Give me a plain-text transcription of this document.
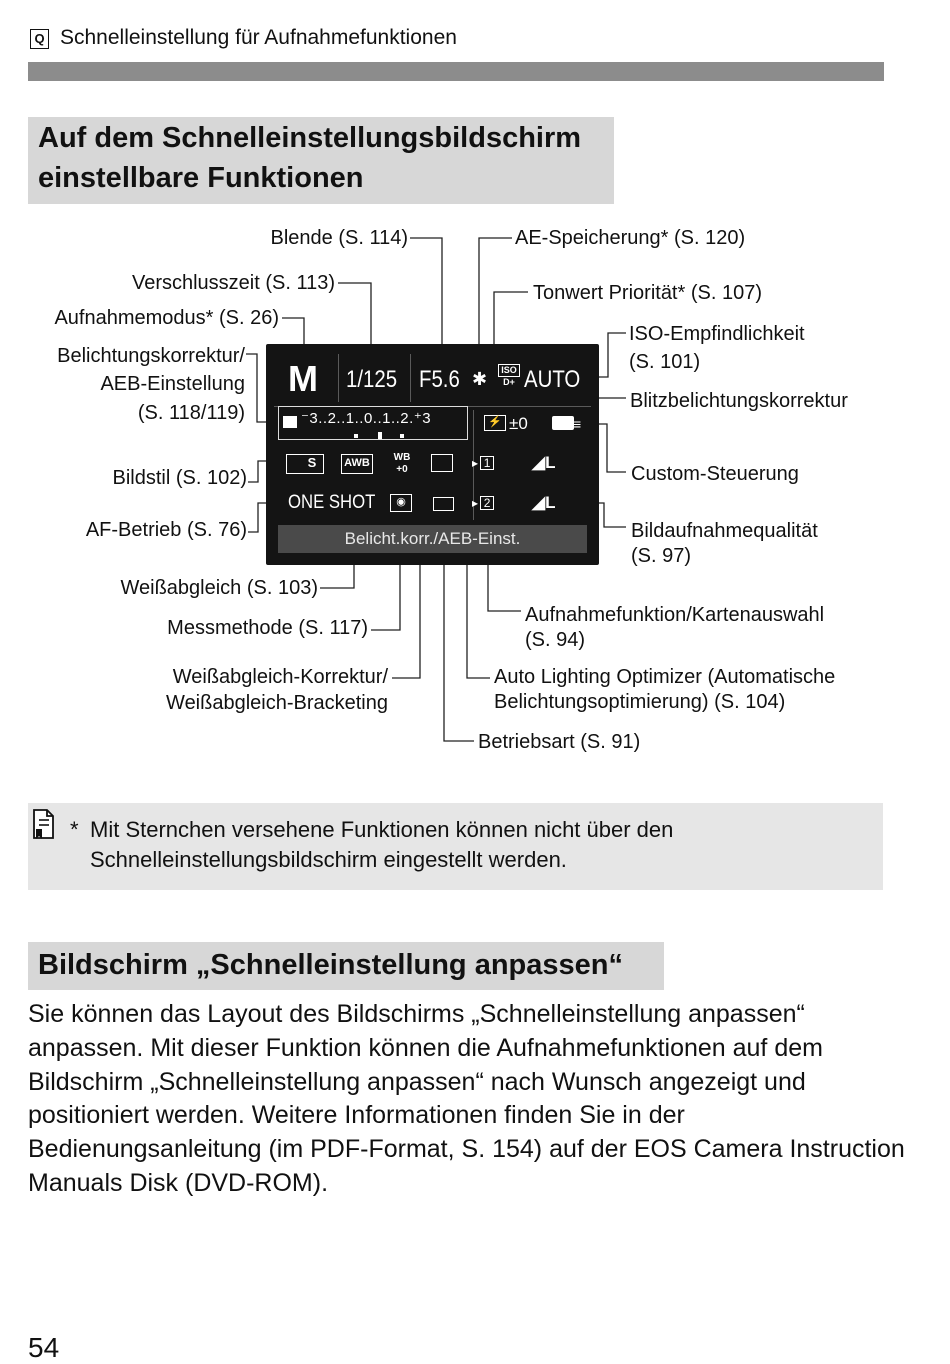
Q Schnelleinstellung für Aufnahmefunktionen
Auf dem Schnelleinstellungsbildschirm
einstellbare Funktionen
Blende (S. 114)	AE-Speicherung* (S. 120)
Verschlusszeit (S. 113)	Tonwert Priorität* (S. 107)
Aufnahmemodus* (S. 26)
ISO-Empfindlichkeit
(S. 101)
Belichtungskorrektur/
AEB-Einstellung
(S. 118/119)
Blitzbelichtungskorrektur
Bildstil (S. 102)	Custom-Steuerung
AF-Betrieb (S. 76)	Bildaufnahmequalität
(S. 97)
Weißabgleich (S. 103)
Aufnahmefunktion/Kartenauswahl
(S. 94)
Messmethode (S. 117)
Weißabgleich-Korrektur/
Weißabgleich-Bracketing
Auto Lighting Optimizer (Automatische
Belichtungsoptimierung) (S. 104)
Betriebsart (S. 91)
M 1/125 F5.6 ✱	ISO
D+ AUTO
⁻3..2..1..0..1..2.⁺3	⚡ ±0	≡
S	AWB	WB
+0	▸ 1 ◢L
ONE SHOT	◉	▸ 2 ◢L
Belicht.korr./AEB-Einst.
* Mit Sternchen versehene Funktionen können nicht über den
Schnelleinstellungsbildschirm eingestellt werden.
Bildschirm „Schnelleinstellung anpassen“
Sie können das Layout des Bildschirms „Schnelleinstellung anpassen“ anpassen. Mit dieser Funktion können die Aufnahmefunktionen auf dem Bildschirm „Schnelleinstellung anpassen“ nach Wunsch angezeigt und positioniert werden. Weitere Informationen finden Sie in der Bedienungsanleitung (im PDF-Format, S. 154) auf der EOS Camera Instruction Manuals Disk (DVD-ROM).
54
